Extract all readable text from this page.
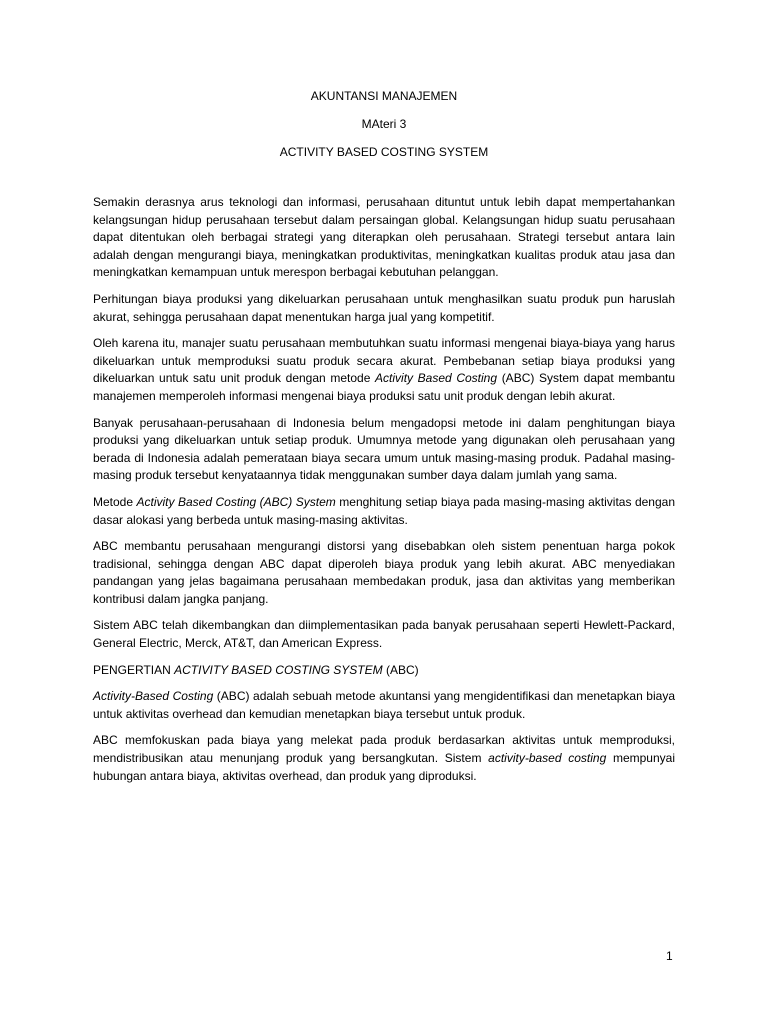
AKUNTANSI MANAJEMEN
MAteri 3
ACTIVITY BASED COSTING SYSTEM

Semakin derasnya arus teknologi dan informasi, perusahaan dituntut untuk lebih dapat mempertahankan kelangsungan hidup perusahaan tersebut dalam persaingan global. Kelangsungan hidup suatu perusahaan dapat ditentukan oleh berbagai strategi yang diterapkan oleh perusahaan. Strategi tersebut antara lain adalah dengan mengurangi biaya, meningkatkan produktivitas, meningkatkan kualitas produk atau jasa dan meningkatkan kemampuan untuk merespon berbagai kebutuhan pelanggan.

Perhitungan biaya produksi yang dikeluarkan perusahaan untuk menghasilkan suatu produk pun haruslah akurat, sehingga perusahaan dapat menentukan harga jual yang kompetitif.

Oleh karena itu, manajer suatu perusahaan membutuhkan suatu informasi mengenai biaya-biaya yang harus dikeluarkan untuk memproduksi suatu produk secara akurat. Pembebanan setiap biaya produksi yang dikeluarkan untuk satu unit produk dengan metode Activity Based Costing (ABC) System dapat membantu manajemen memperoleh informasi mengenai biaya produksi satu unit produk dengan lebih akurat.

Banyak perusahaan-perusahaan di Indonesia belum mengadopsi metode ini dalam penghitungan biaya produksi yang dikeluarkan untuk setiap produk. Umumnya metode yang digunakan oleh perusahaan yang berada di Indonesia adalah pemerataan biaya secara umum untuk masing-masing produk. Padahal masing-masing produk tersebut kenyataannya tidak menggunakan sumber daya dalam jumlah yang sama.

Metode Activity Based Costing (ABC) System menghitung setiap biaya pada masing-masing aktivitas dengan dasar alokasi yang berbeda untuk masing-masing aktivitas.

ABC membantu perusahaan mengurangi distorsi yang disebabkan oleh sistem penentuan harga pokok tradisional, sehingga dengan ABC dapat diperoleh biaya produk yang lebih akurat. ABC menyediakan pandangan yang jelas bagaimana perusahaan membedakan produk, jasa dan aktivitas yang memberikan kontribusi dalam jangka panjang.

Sistem ABC telah dikembangkan dan diimplementasikan pada banyak perusahaan seperti Hewlett-Packard, General Electric, Merck, AT&T, dan American Express.

PENGERTIAN ACTIVITY BASED COSTING SYSTEM (ABC)

Activity-Based Costing (ABC) adalah sebuah metode akuntansi yang mengidentifikasi dan menetapkan biaya untuk aktivitas overhead dan kemudian menetapkan biaya tersebut untuk produk.

ABC memfokuskan pada biaya yang melekat pada produk berdasarkan aktivitas untuk memproduksi, mendistribusikan atau menunjang produk yang bersangkutan. Sistem activity-based costing mempunyai hubungan antara biaya, aktivitas overhead, dan produk yang diproduksi.

1
